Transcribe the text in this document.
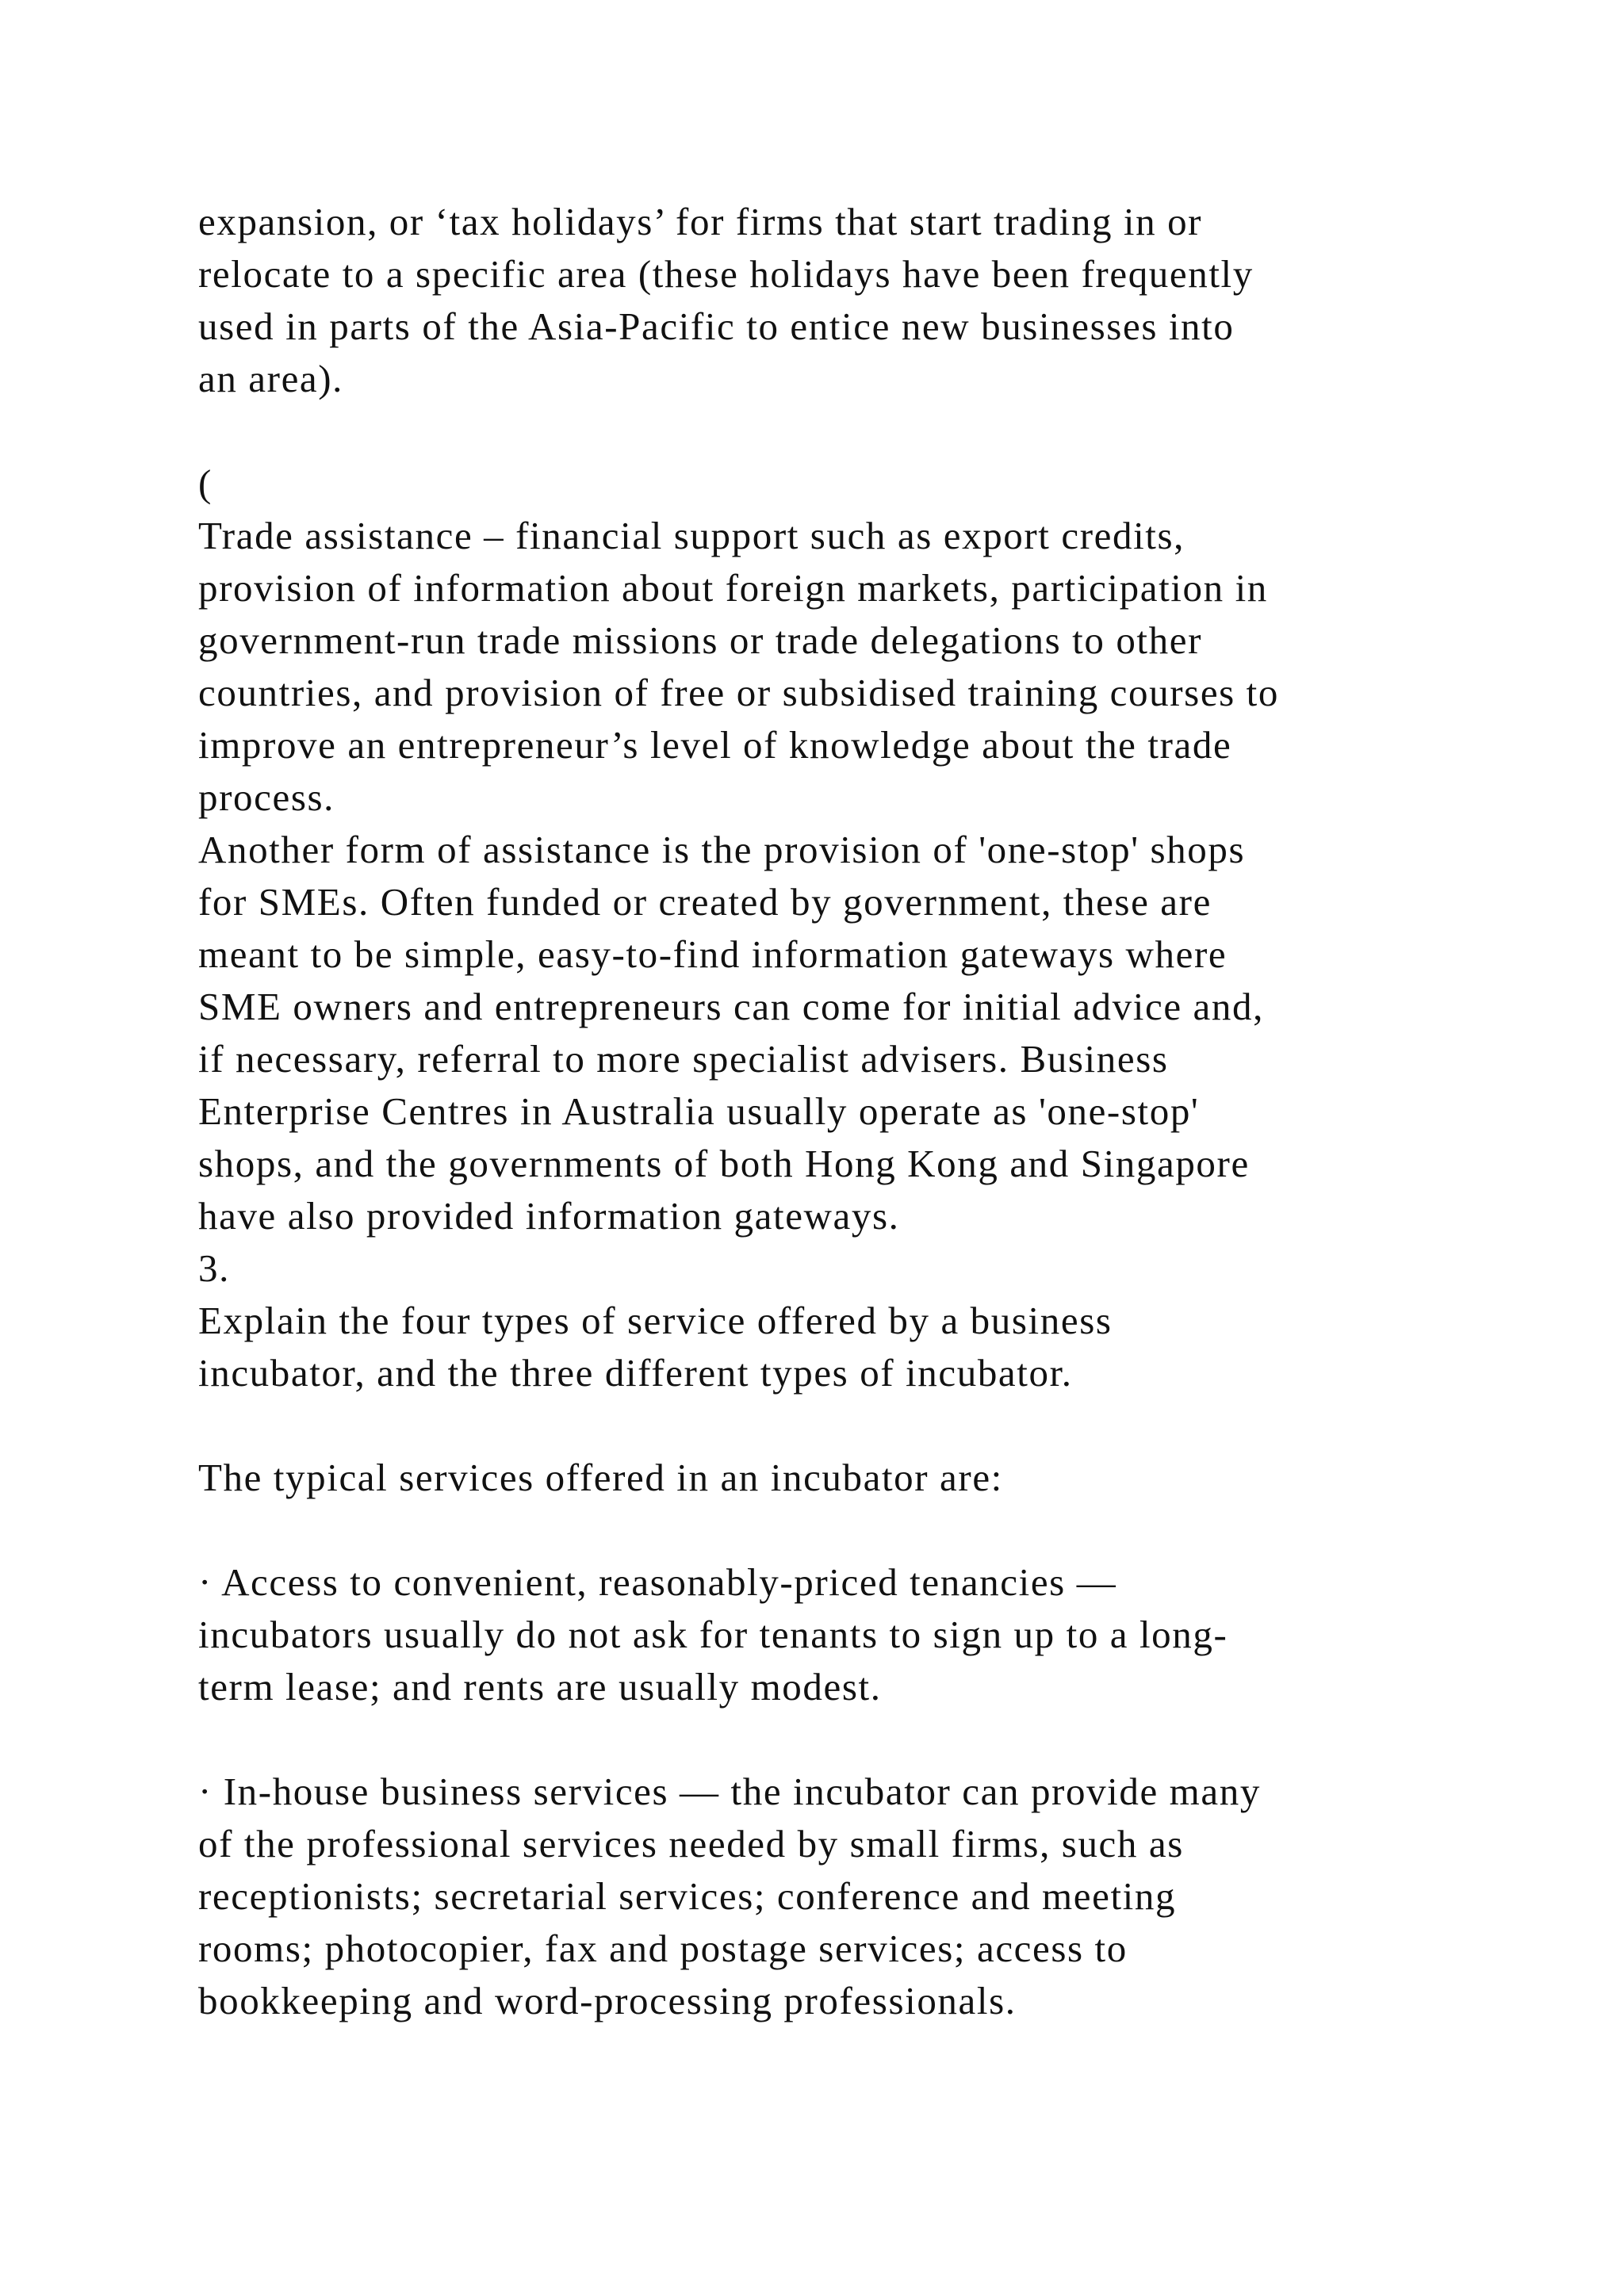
expansion, or ‘tax holidays’ for firms that start trading in or
relocate to a specific area (these holidays have been frequently
used in parts of the Asia-Pacific to entice new businesses into
an area).
(
Trade assistance – financial support such as export credits,
provision of information about foreign markets, participation in
government-run trade missions or trade delegations to other
countries, and provision of free or subsidised training courses to
improve an entrepreneur’s level of knowledge about the trade
process.
Another form of assistance is the provision of 'one-stop' shops
for SMEs. Often funded or created by government, these are
meant to be simple, easy-to-find information gateways where
SME owners and entrepreneurs can come for initial advice and,
if necessary, referral to more specialist advisers. Business
Enterprise Centres in Australia usually operate as 'one-stop'
shops, and the governments of both Hong Kong and Singapore
have also provided information gateways.
3.
Explain the four types of service offered by a business
incubator, and the three different types of incubator.
The typical services offered in an incubator are:
· Access to convenient, reasonably-priced tenancies —
incubators usually do not ask for tenants to sign up to a long-
term lease; and rents are usually modest.
· In-house business services — the incubator can provide many
of the professional services needed by small firms, such as
receptionists; secretarial services; conference and meeting
rooms; photocopier, fax and postage services; access to
bookkeeping and word-processing professionals.
